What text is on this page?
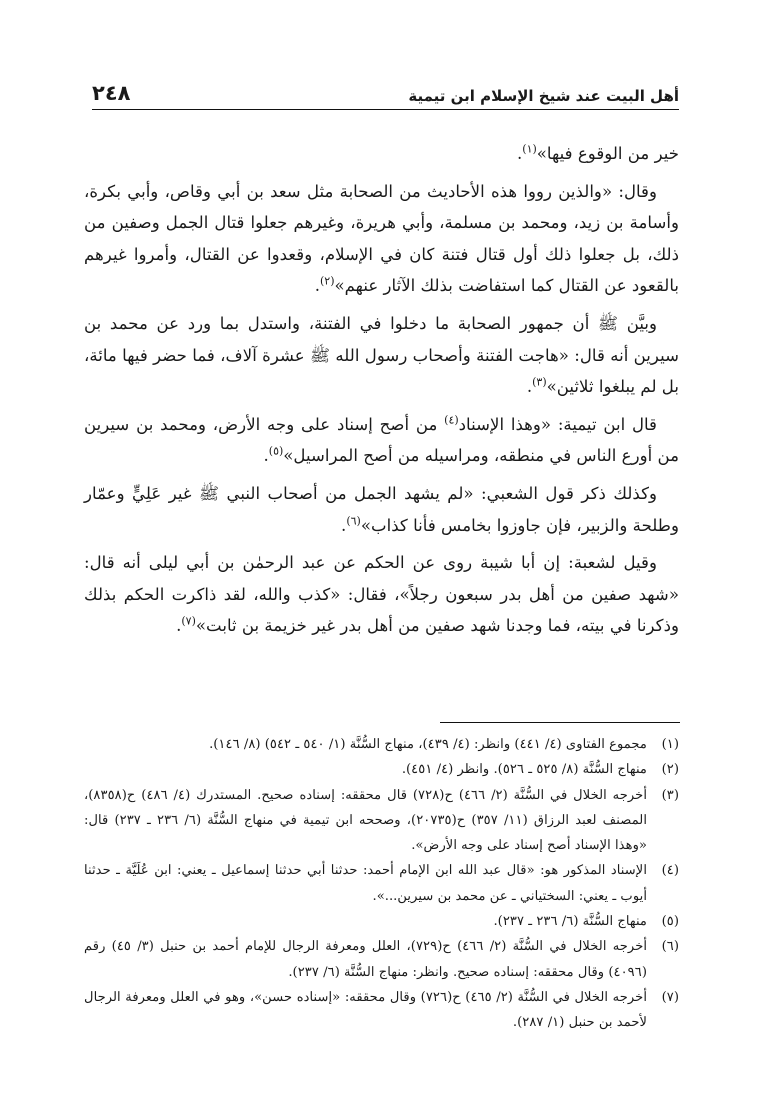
أهل البيت عند شيخ الإسلام ابن تيمية
٢٤٨

خير من الوقوع فيها»$^{(١)}$.

وقال: «والذين رووا هذه الأحاديث من الصحابة مثل سعد بن أبي وقاص، وأبي بكرة، وأسامة بن زيد، ومحمد بن مسلمة، وأبي هريرة، وغيرهم جعلوا قتال الجمل وصفين من ذلك، بل جعلوا ذلك أول قتال فتنة كان في الإسلام، وقعدوا عن القتال، وأمروا غيرهم بالقعود عن القتال كما استفاضت بذلك الآثار عنهم»$^{(٢)}$.

وبيَّن ﷺ أن جمهور الصحابة ما دخلوا في الفتنة، واستدل بما ورد عن محمد بن سيرين أنه قال: «هاجت الفتنة وأصحاب رسول الله ﷺ عشرة آلاف، فما حضر فيها مائة، بل لم يبلغوا ثلاثين»$^{(٣)}$.

قال ابن تيمية: «وهذا الإسناد$^{(٤)}$ من أصح إسناد على وجه الأرض، ومحمد بن سيرين من أورع الناس في منطقه، ومراسيله من أصح المراسيل»$^{(٥)}$.

وكذلك ذكر قول الشعبي: «لم يشهد الجمل من أصحاب النبي ﷺ غير عَلِيٍّ وعمّار وطلحة والزبير، فإن جاوزوا بخامس فأنا كذاب»$^{(٦)}$.

وقيل لشعبة: إن أبا شيبة روى عن الحكم عن عبد الرحمٰن بن أبي ليلى أنه قال: «شهد صفين من أهل بدر سبعون رجلاً»، فقال: «كذب والله، لقد ذاكرت الحكم بذلك وذكرنا في بيته، فما وجدنا شهد صفين من أهل بدر غير خزيمة بن ثابت»$^{(٧)}$.

(١)
مجموع الفتاوى (٤/ ٤٤١) وانظر: (٤/ ٤٣٩)، منهاج السُّنَّة (١/ ٥٤٠ ـ ٥٤٢) (٨/ ١٤٦).
(٢)
منهاج السُّنَّة (٨/ ٥٢٥ ـ ٥٢٦). وانظر (٤/ ٤٥١).
(٣)
أخرجه الخلال في السُّنَّة (٢/ ٤٦٦) ح(٧٢٨) قال محققه: إسناده صحيح. المستدرك (٤/ ٤٨٦) ح(٨٣٥٨)، المصنف لعبد الرزاق (١١/ ٣٥٧) ح(٢٠٧٣٥)، وصححه ابن تيمية في منهاج السُّنَّة (٦/ ٢٣٦ ـ ٢٣٧) قال: «وهذا الإسناد أصح إسناد على وجه الأرض».
(٤)
الإسناد المذكور هو: «قال عبد الله ابن الإمام أحمد: حدثنا أبي حدثنا إسماعيل ـ يعني: ابن عُلَيَّة ـ حدثنا أيوب ـ يعني: السختياني ـ عن محمد بن سيرين...».
(٥)
منهاج السُّنَّة (٦/ ٢٣٦ ـ ٢٣٧).
(٦)
أخرجه الخلال في السُّنَّة (٢/ ٤٦٦) ح(٧٢٩)، العلل ومعرفة الرجال للإمام أحمد بن حنبل (٣/ ٤٥) رقم (٤٠٩٦) وقال محققه: إسناده صحيح. وانظر: منهاج السُّنَّة (٦/ ٢٣٧).
(٧)
أخرجه الخلال في السُّنَّة (٢/ ٤٦٥) ح(٧٢٦) وقال محققه: «إسناده حسن»، وهو في العلل ومعرفة الرجال لأحمد بن حنبل (١/ ٢٨٧).
